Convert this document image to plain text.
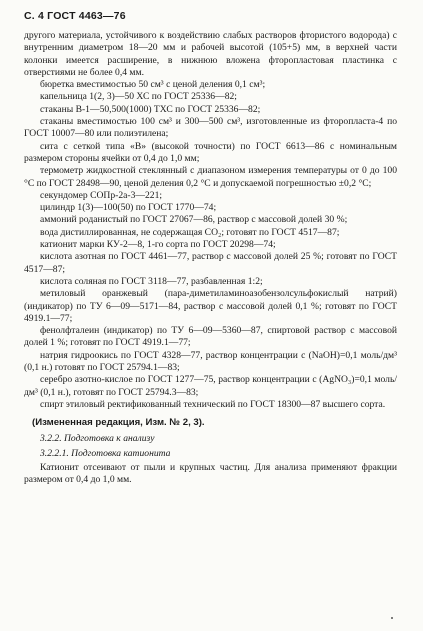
С. 4 ГОСТ 4463—76

другого материала, устойчивого к воздействию слабых растворов фтористого водорода) с внутренним диаметром 18—20 мм и рабочей высотой (105+5) мм, в верхней части колонки имеется расширение, в нижнюю вложена фторопластовая пластинка с отверстиями не более 0,4 мм.

бюретка вместимостью 50 см³ с ценой деления 0,1 см³;

капельница 1(2, 3)—50 ХС по ГОСТ 25336—82;

стаканы В-1—50,500(1000) ТХС по ГОСТ 25336—82;

стаканы вместимостью 100 см³ и 300—500 см³, изготовленные из фторопласта-4 по ГОСТ 10007—80 или полиэтилена;

сита с сеткой типа «В» (высокой точности) по ГОСТ 6613—86 с номинальным размером стороны ячейки от 0,4 до 1,0 мм;

термометр жидкостной стеклянный с диапазоном измерения температуры от 0 до 100 °С по ГОСТ 28498—90, ценой деления 0,2 °С и допускаемой погрешностью ±0,2 °С;

секундомер СОПр-2а-3—221;

цилиндр 1(3)—100(50) по ГОСТ 1770—74;

аммоний роданистый по ГОСТ 27067—86, раствор с массовой долей 30 %;

вода дистиллированная, не содержащая CO₂; готовят по ГОСТ 4517—87;

катионит марки КУ-2—8, 1-го сорта по ГОСТ 20298—74;

кислота азотная по ГОСТ 4461—77, раствор с массовой долей 25 %; готовят по ГОСТ 4517—87;

кислота соляная по ГОСТ 3118—77, разбавленная 1:2;

метиловый оранжевый (пара-диметиламиноазобензолсульфокислый натрий) (индикатор) по ТУ 6—09—5171—84, раствор с массовой долей 0,1 %; готовят по ГОСТ 4919.1—77;

фенолфталеин (индикатор) по ТУ 6—09—5360—87, спиртовой раствор с массовой долей 1 %; готовят по ГОСТ 4919.1—77;

натрия гидроокись по ГОСТ 4328—77, раствор концентрации с (NaOH)=0,1 моль/дм³ (0,1 н.) готовят по ГОСТ 25794.1—83;

серебро азотно-кислое по ГОСТ 1277—75, раствор концентрации с (AgNO₃)=0,1 моль/дм³ (0,1 н.), готовят по ГОСТ 25794.3—83;

спирт этиловый ректификованный технический по ГОСТ 18300—87 высшего сорта.

(Измененная редакция, Изм. № 2, 3).
3.2.2. Подготовка к анализу
3.2.2.1. Подготовка катионита

Катионит отсеивают от пыли и крупных частиц. Для анализа применяют фракции размером от 0,4 до 1,0 мм.
